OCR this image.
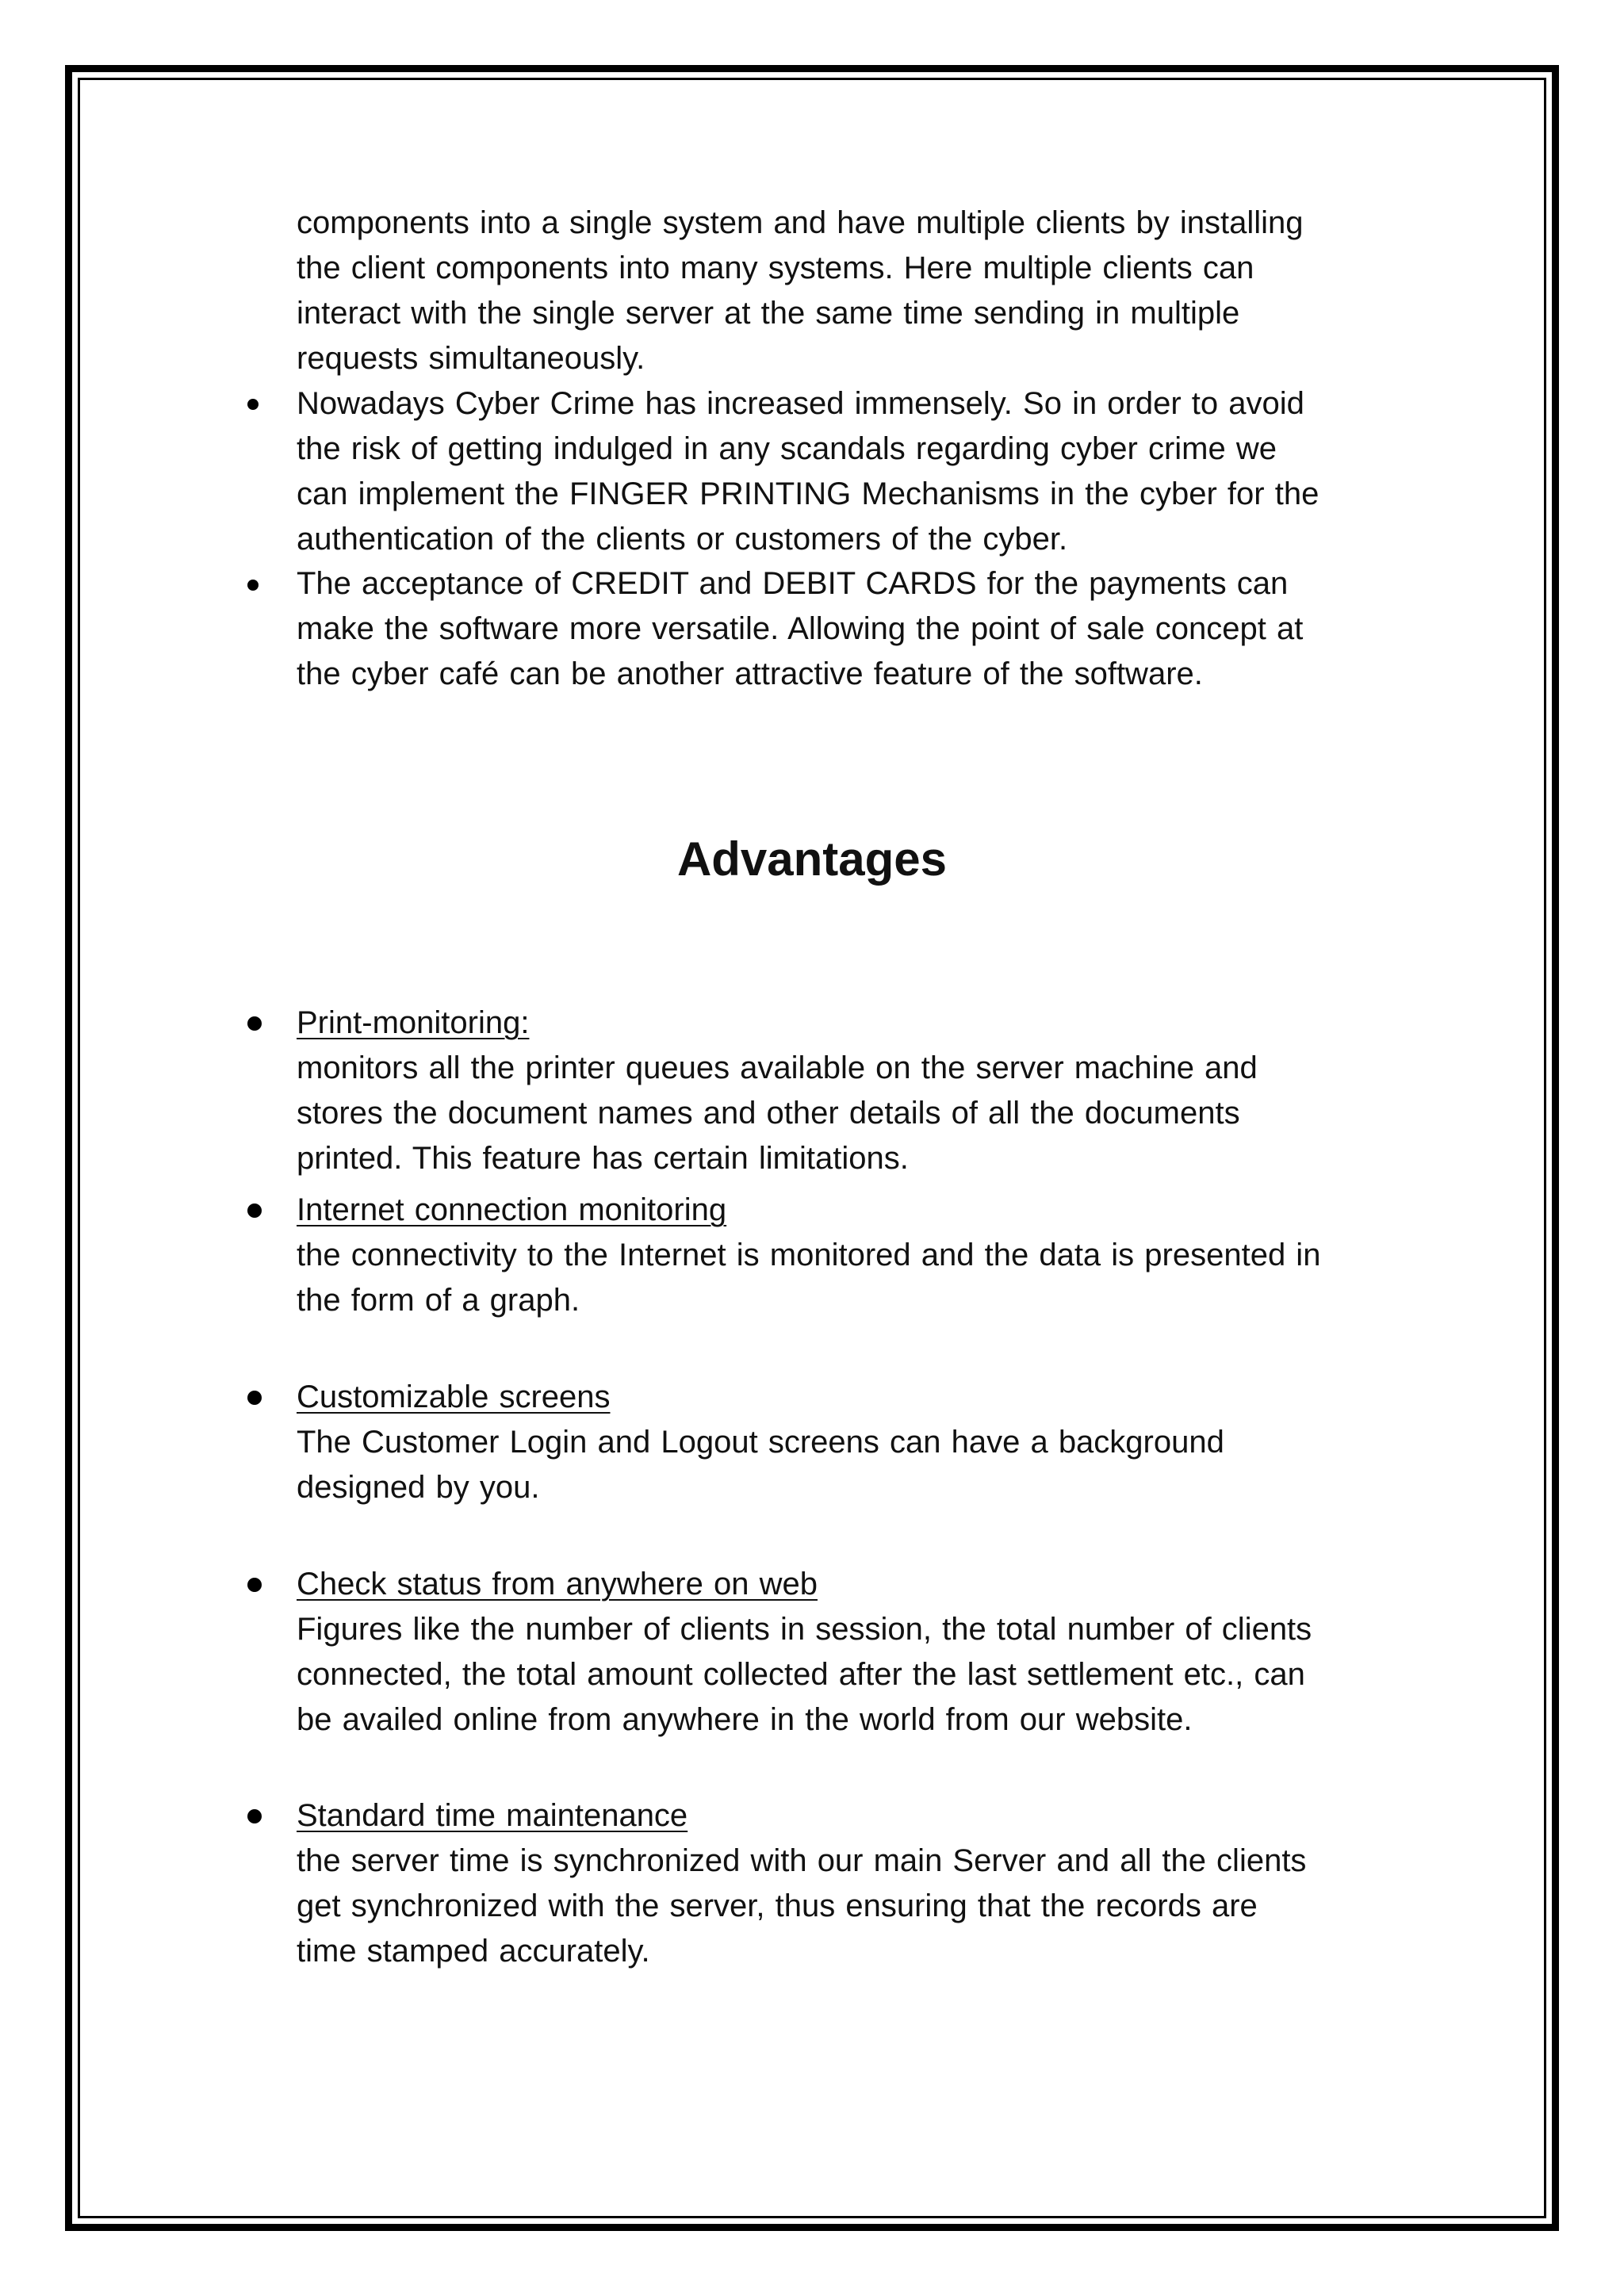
components into a single system and have multiple clients by installing
the client components into many systems. Here multiple clients can
interact with the single server at the same time sending in multiple
requests simultaneously.
Nowadays Cyber Crime has increased immensely. So in order to avoid
the risk of getting indulged in any scandals regarding cyber crime we
can implement the FINGER PRINTING Mechanisms in the cyber for the
authentication of the clients or customers of the cyber.
The acceptance of CREDIT and DEBIT CARDS for the payments can
make the software more versatile. Allowing the point of sale concept at
the cyber café can be another attractive feature of the software.
Advantages
Print-monitoring:
monitors all the printer queues available on the server machine and
stores the document names and other details of all the documents
printed. This feature has certain limitations.
Internet connection monitoring
the connectivity to the Internet is monitored and the data is presented in
the form of a graph.
Customizable screens
The Customer Login and Logout screens can have a background
designed by you.
Check status from anywhere on web
Figures like the number of clients in session, the total number of clients
connected, the total amount collected after the last settlement etc., can
be availed online from anywhere in the world from our website.
Standard time maintenance
the server time is synchronized with our main Server and all the clients
get synchronized with the server, thus ensuring that the records are
time stamped accurately.
